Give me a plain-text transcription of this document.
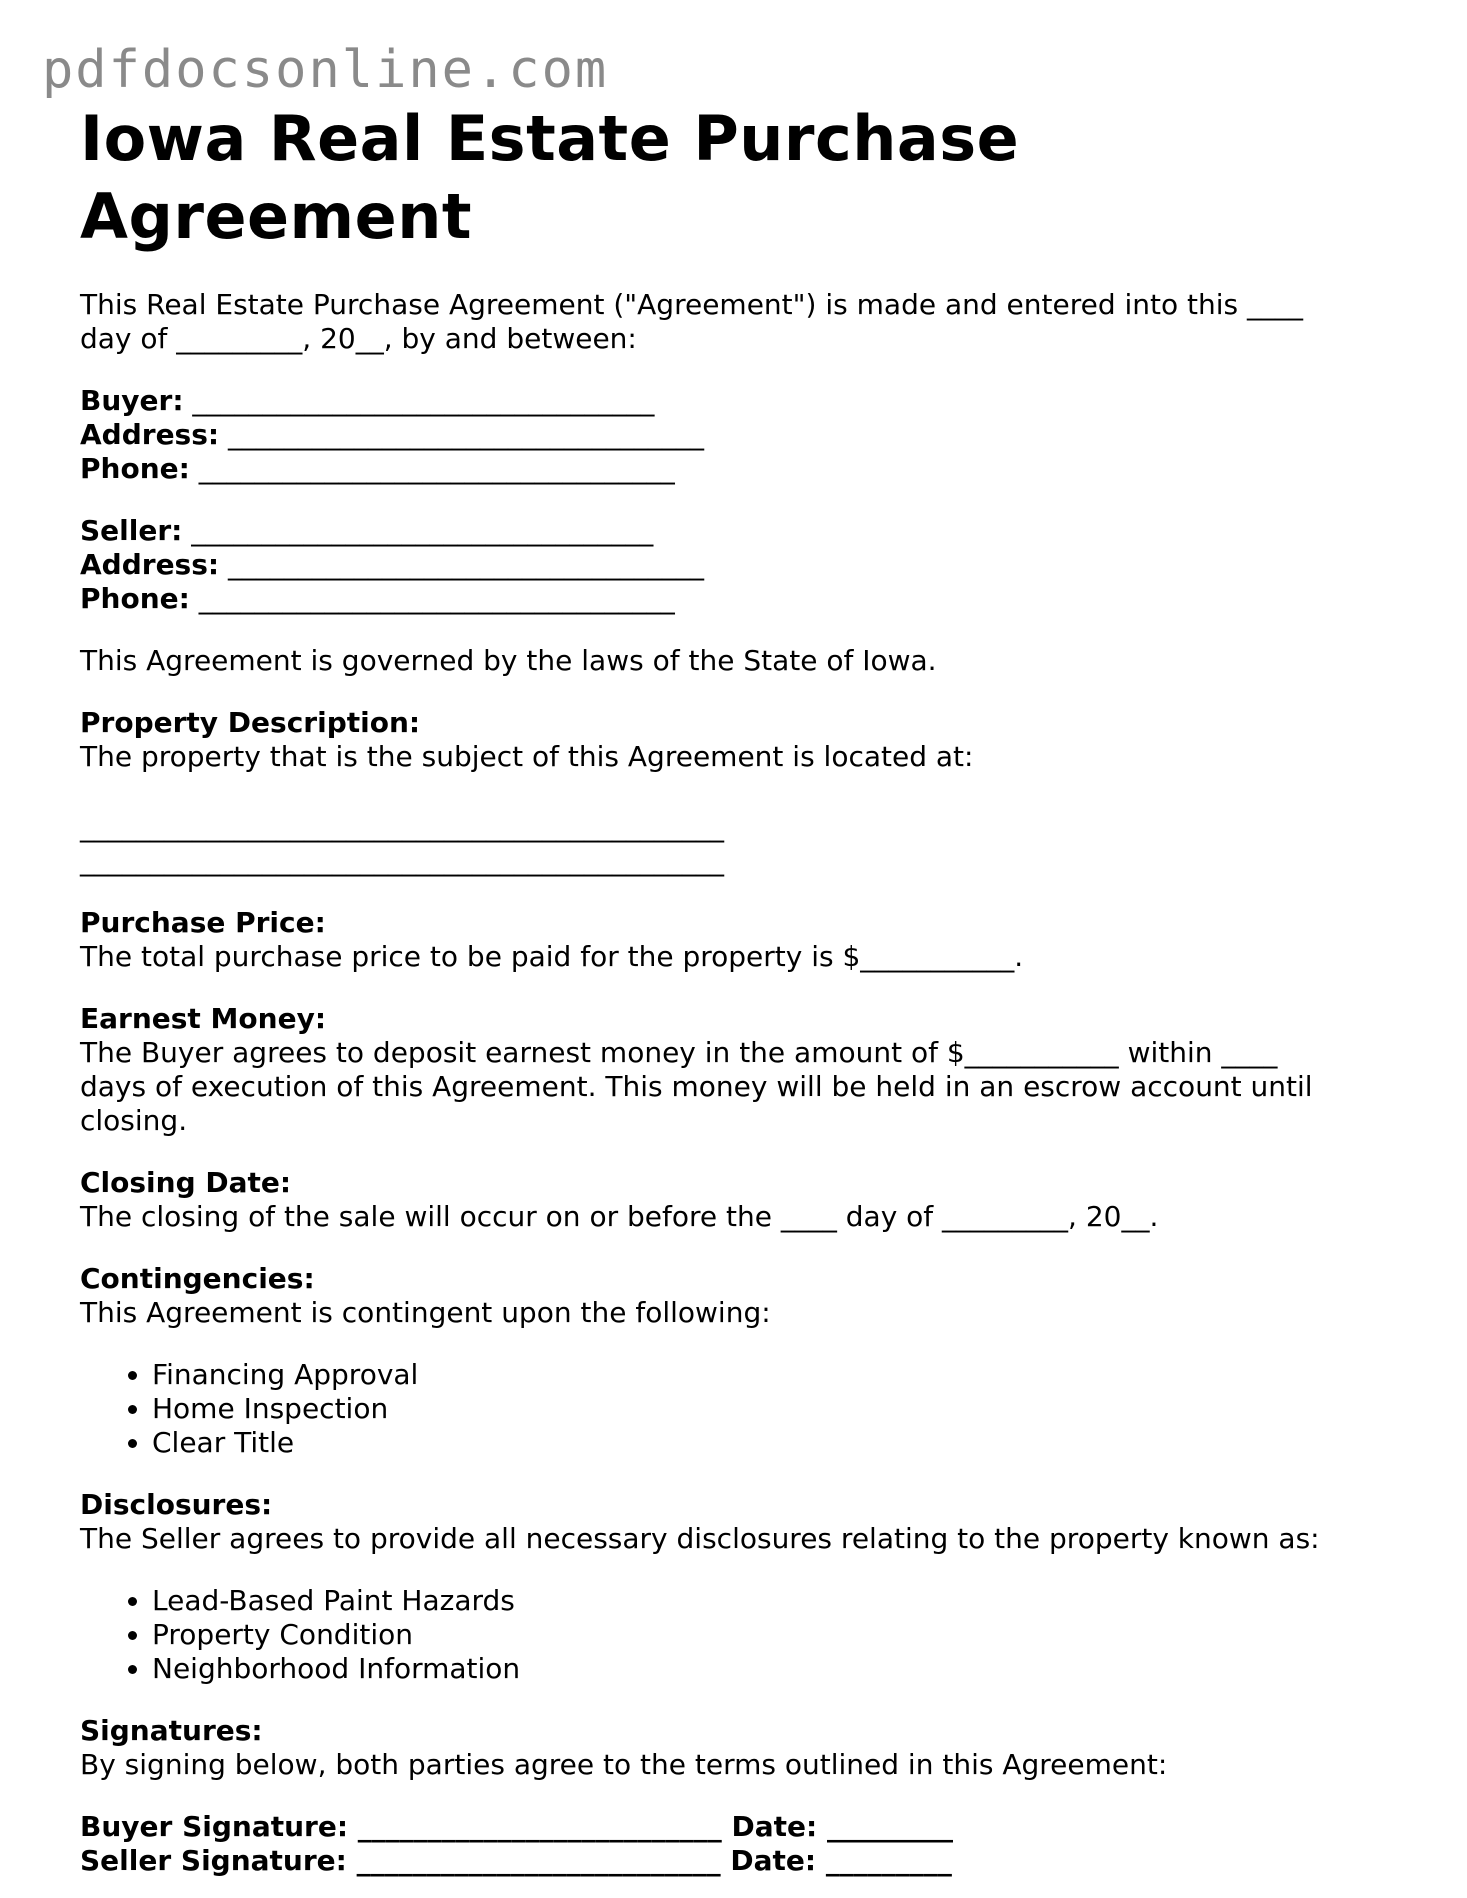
pdfdocsonline.com
Iowa Real Estate Purchase Agreement

This Real Estate Purchase Agreement ("Agreement") is made and entered into this ____

day of _________, 20__, by and between:

Buyer: _________________________________

Address: __________________________________

Phone: __________________________________

Seller: _________________________________

Address: __________________________________

Phone: __________________________________

This Agreement is governed by the laws of the State of Iowa.

Property Description:

The property that is the subject of this Agreement is located at:

______________________________________________

______________________________________________

Purchase Price:

The total purchase price to be paid for the property is $___________.

Earnest Money:

The Buyer agrees to deposit earnest money in the amount of $___________ within ____

days of execution of this Agreement. This money will be held in an escrow account until

closing.

Closing Date:

The closing of the sale will occur on or before the ____ day of _________, 20__.

Contingencies:

This Agreement is contingent upon the following:

• Financing Approval
• Home Inspection
• Clear Title

Disclosures:

The Seller agrees to provide all necessary disclosures relating to the property known as:

• Lead-Based Paint Hazards
• Property Condition
• Neighborhood Information

Signatures:

By signing below, both parties agree to the terms outlined in this Agreement:

Buyer Signature: __________________________ Date: _________

Seller Signature: __________________________ Date: _________
